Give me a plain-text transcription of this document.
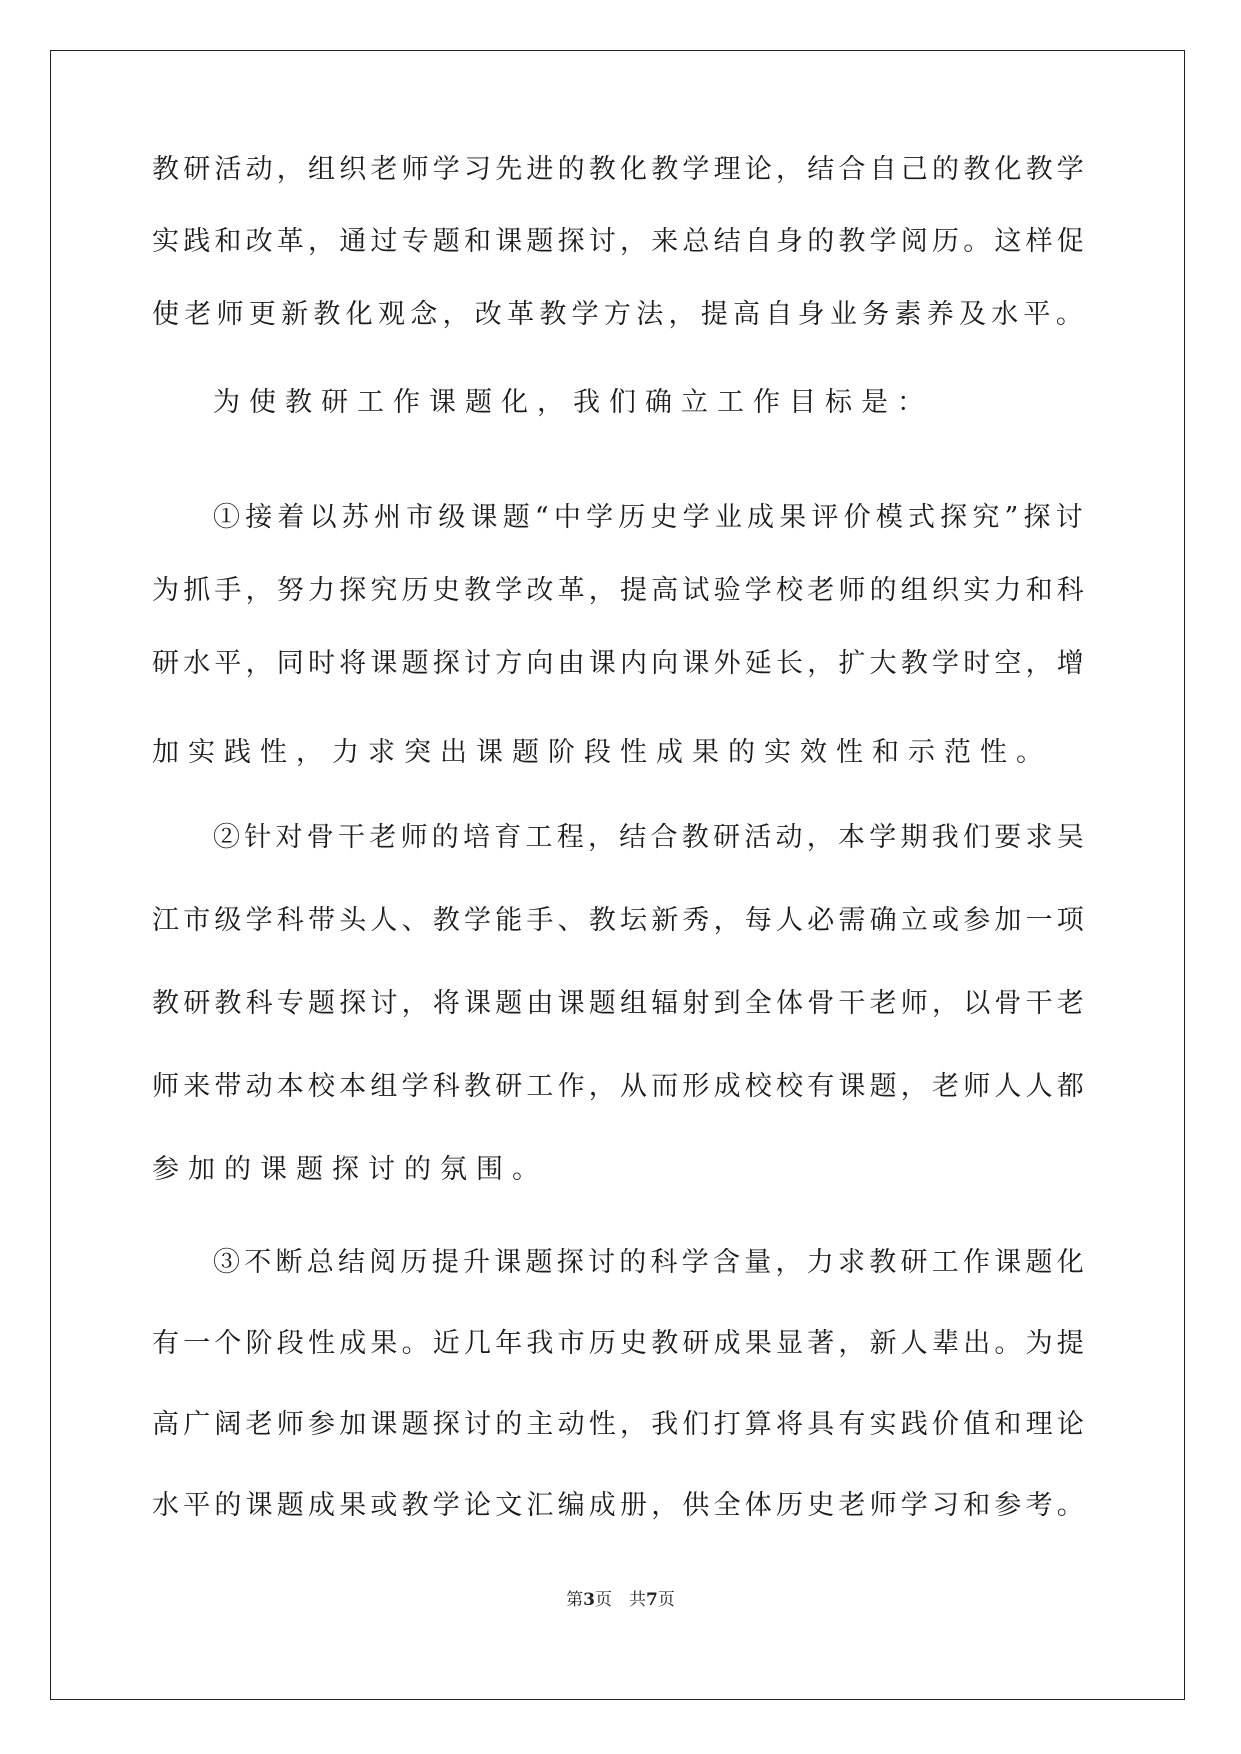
教研活动，组织老师学习先进的教化教学理论，结合自己的教化教学

实践和改革，通过专题和课题探讨，来总结自身的教学阅历。这样促

使老师更新教化观念，改革教学方法，提高自身业务素养及水平。

为使教研工作课题化，我们确立工作目标是：

①接着以苏州市级课题“中学历史学业成果评价模式探究”探讨

为抓手，努力探究历史教学改革，提高试验学校老师的组织实力和科

研水平，同时将课题探讨方向由课内向课外延长，扩大教学时空，增

加实践性，力求突出课题阶段性成果的实效性和示范性。

②针对骨干老师的培育工程，结合教研活动，本学期我们要求吴

江市级学科带头人、教学能手、教坛新秀，每人必需确立或参加一项

教研教科专题探讨，将课题由课题组辐射到全体骨干老师，以骨干老

师来带动本校本组学科教研工作，从而形成校校有课题，老师人人都

参加的课题探讨的氛围。

③不断总结阅历提升课题探讨的科学含量，力求教研工作课题化

有一个阶段性成果。近几年我市历史教研成果显著，新人辈出。为提

高广阔老师参加课题探讨的主动性，我们打算将具有实践价值和理论

水平的课题成果或教学论文汇编成册，供全体历史老师学习和参考。

第3页　共7页
